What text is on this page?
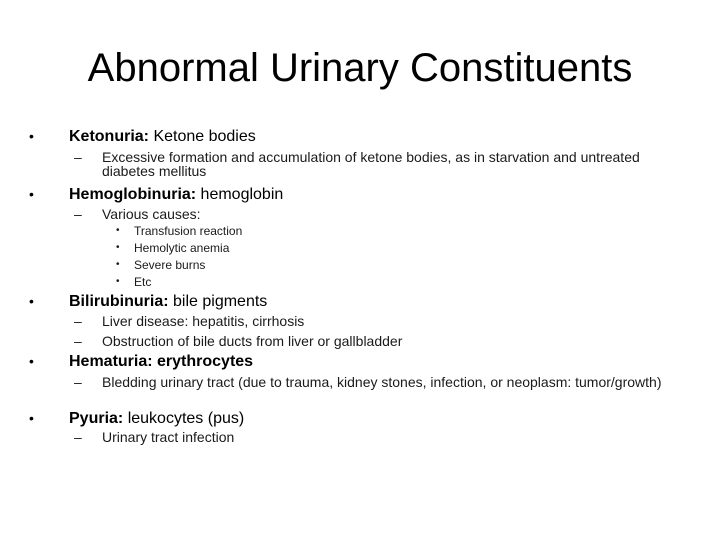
Abnormal Urinary Constituents
• Ketonuria: Ketone bodies
– Excessive formation and accumulation of ketone bodies, as in starvation and untreated diabetes mellitus
• Hemoglobinuria: hemoglobin
– Various causes:
• Transfusion reaction
• Hemolytic anemia
• Severe burns
• Etc
• Bilirubinuria: bile pigments
– Liver disease: hepatitis, cirrhosis
– Obstruction of bile ducts from liver or gallbladder
• Hematuria: erythrocytes
– Bledding urinary tract (due to trauma, kidney stones, infection, or neoplasm: tumor/growth)
• Pyuria: leukocytes (pus)
– Urinary tract infection
